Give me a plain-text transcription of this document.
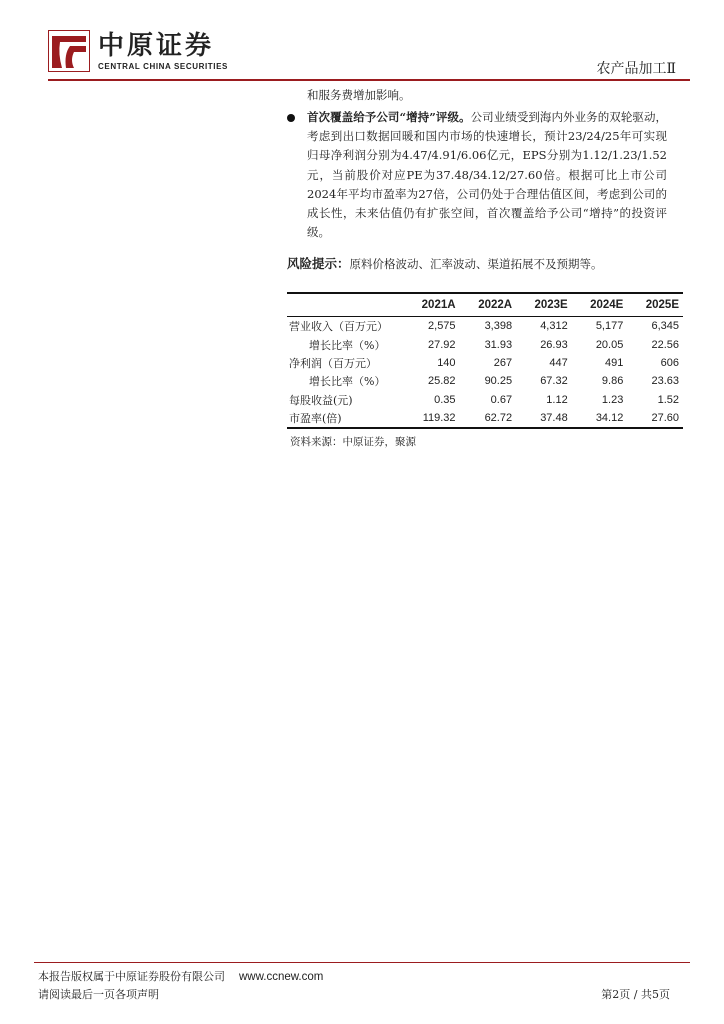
中原证券
CENTRAL CHINA SECURITIES	农产品加工Ⅱ
和服务费增加影响。
首次覆盖给予公司“增持”评级。公司业绩受到海内外业务的双轮驱动，考虑到出口数据回暖和国内市场的快速增长，预计23/24/25年可实现归母净利润分别为4.47/4.91/6.06亿元，EPS分别为1.12/1.23/1.52元，当前股价对应PE为37.48/34.12/27.60倍。根据可比上市公司2024年平均市盈率为27倍，公司仍处于合理估值区间，考虑到公司的成长性，未来估值仍有扩张空间，首次覆盖给予公司“增持”的投资评级。
风险提示：原料价格波动、汇率波动、渠道拓展不及预期等。
	2021A	2022A	2023E	2024E	2025E
营业收入（百万元）	2,575	3,398	4,312	5,177	6,345
增长比率（%）	27.92	31.93	26.93	20.05	22.56
净利润（百万元）	140	267	447	491	606
增长比率（%）	25.82	90.25	67.32	9.86	23.63
每股收益(元)	0.35	0.67	1.12	1.23	1.52
市盈率(倍)	119.32	62.72	37.48	34.12	27.60
资料来源：中原证券，聚源
本报告版权属于中原证券股份有限公司 www.ccnew.com
请阅读最后一页各项声明	第2页 / 共5页
